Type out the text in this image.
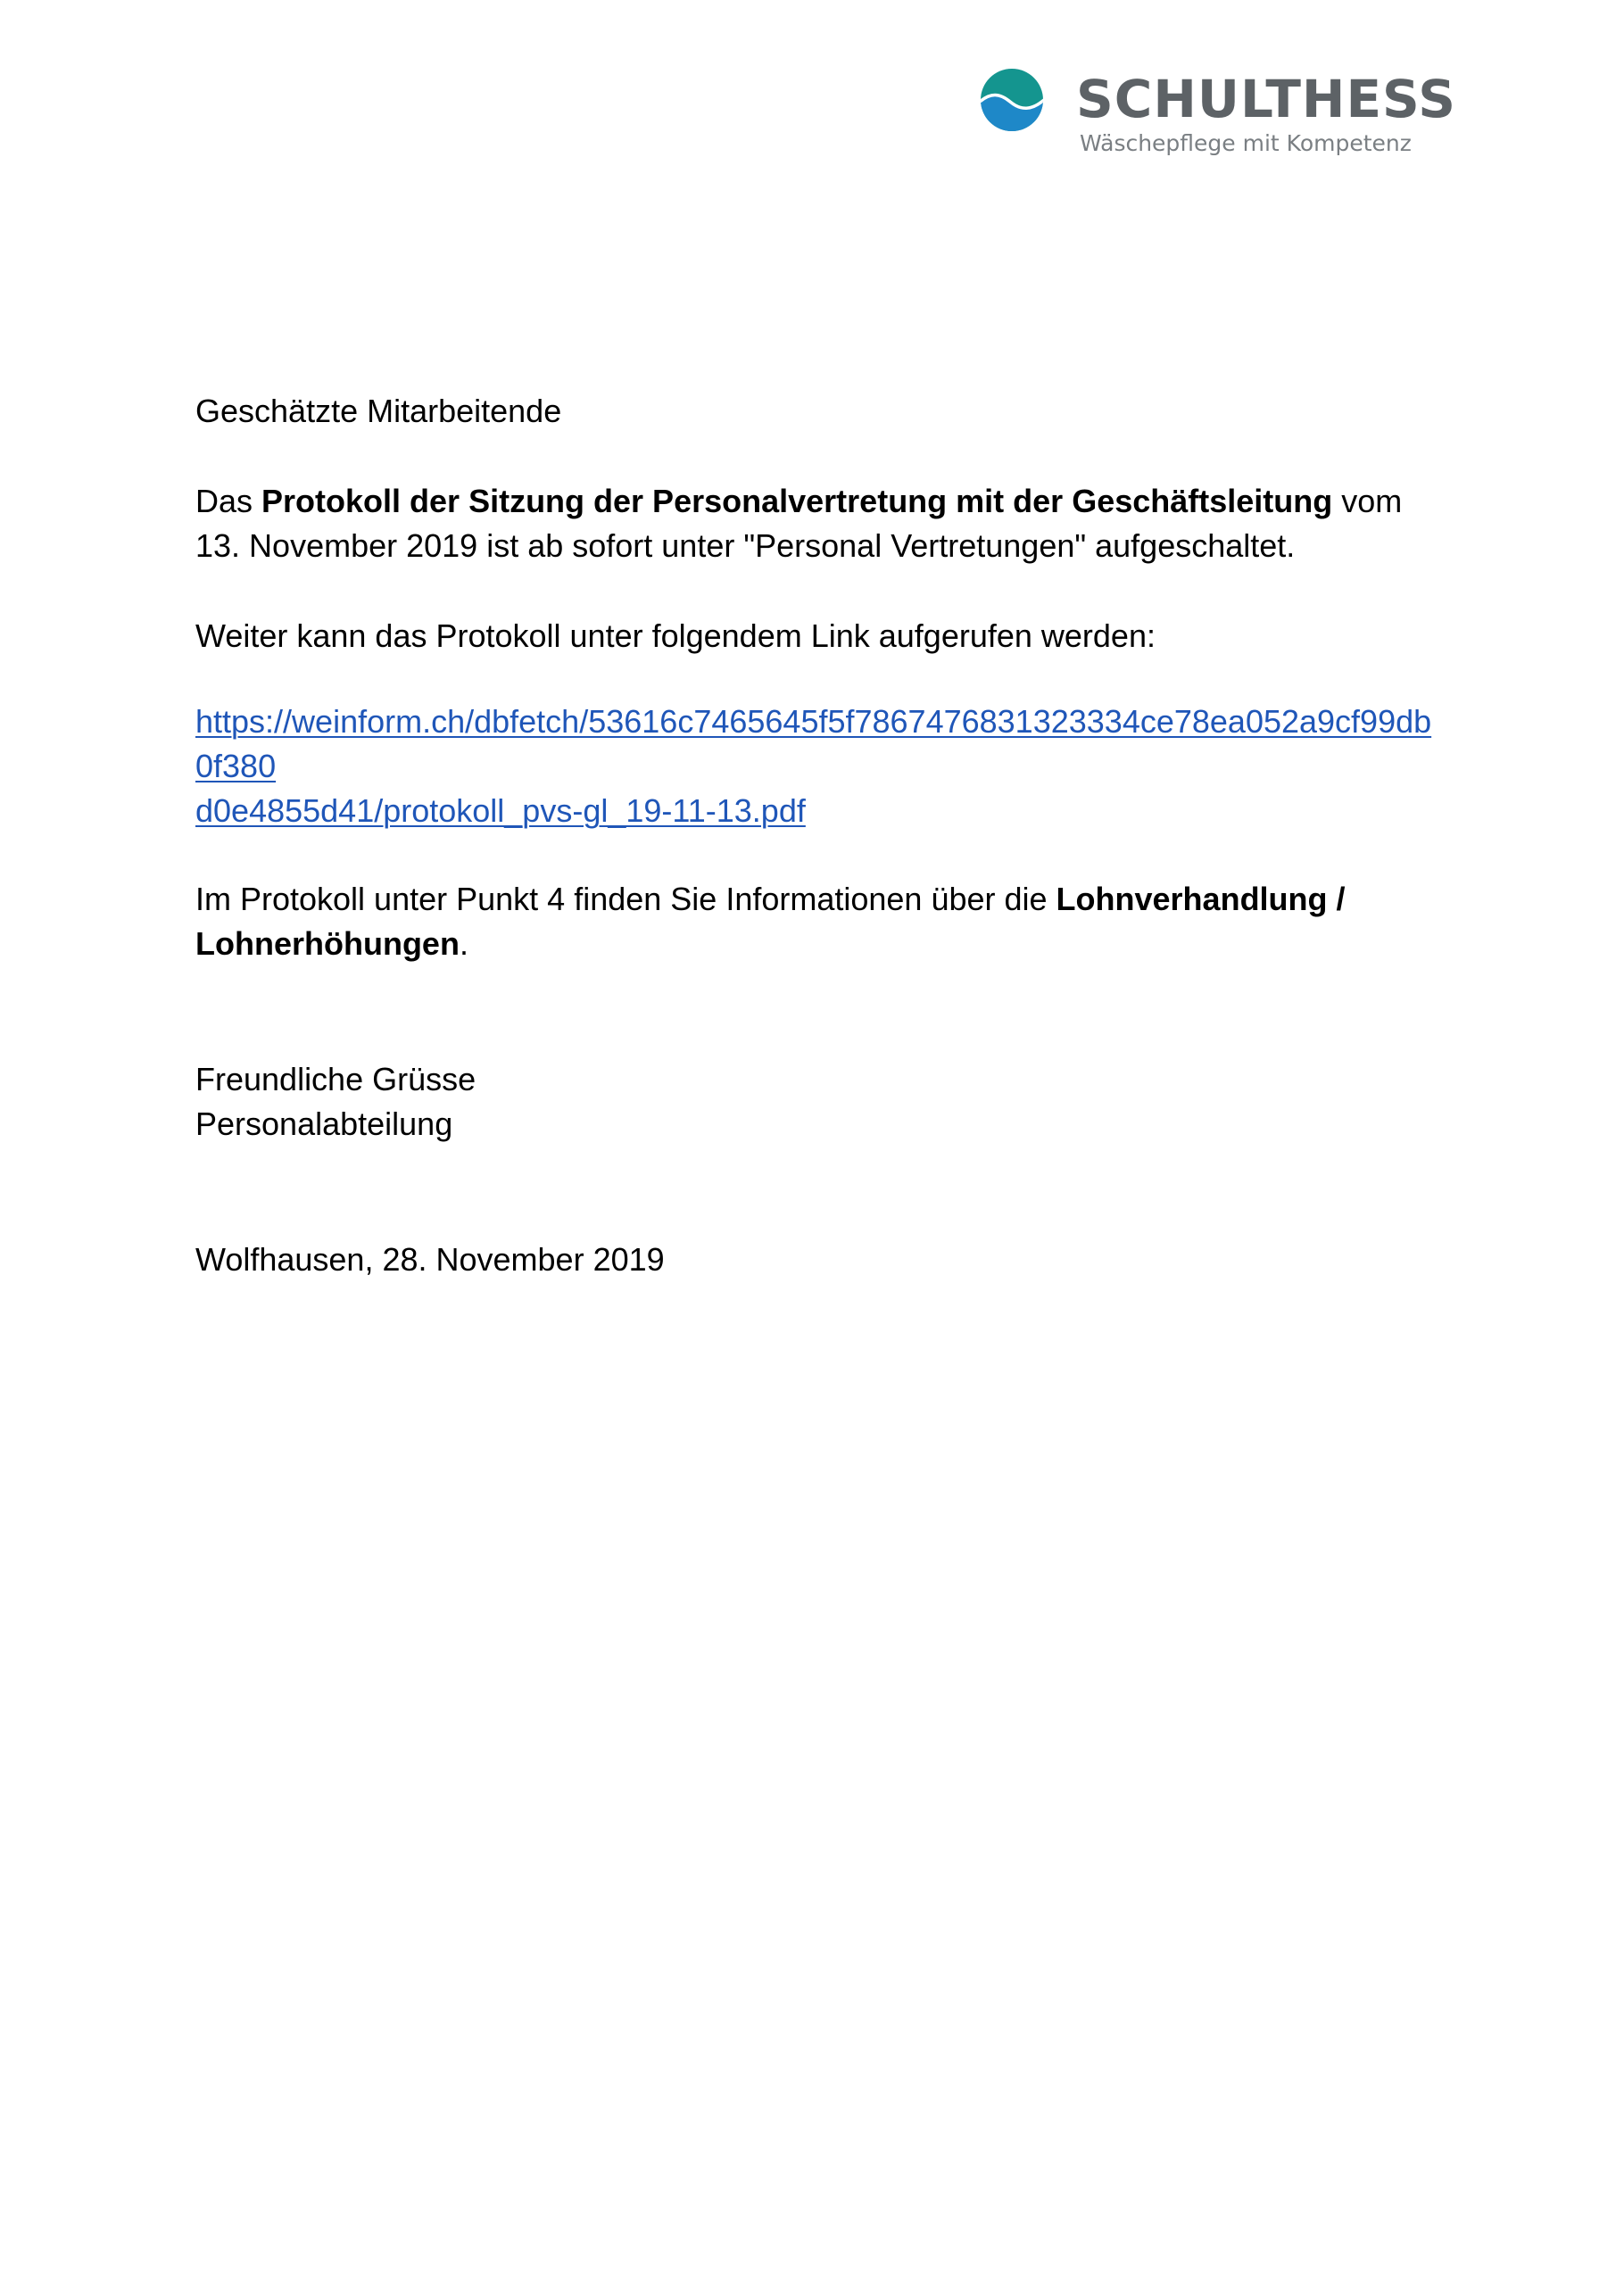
SCHULTHESS
Wäschepflege mit Kompetenz

Geschätzte Mitarbeitende

Das Protokoll der Sitzung der Personalvertretung mit der Geschäftsleitung vom 13. November 2019 ist ab sofort unter "Personal Vertretungen" aufgeschaltet.

Weiter kann das Protokoll unter folgendem Link aufgerufen werden:

https://weinform.ch/dbfetch/53616c7465645f5f7867476831323334ce78ea052a9cf99db0f380
d0e4855d41/protokoll_pvs-gl_19-11-13.pdf

Im Protokoll unter Punkt 4 finden Sie Informationen über die Lohnverhandlung /
Lohnerhöhungen.

Freundliche Grüsse
Personalabteilung

Wolfhausen, 28. November 2019
